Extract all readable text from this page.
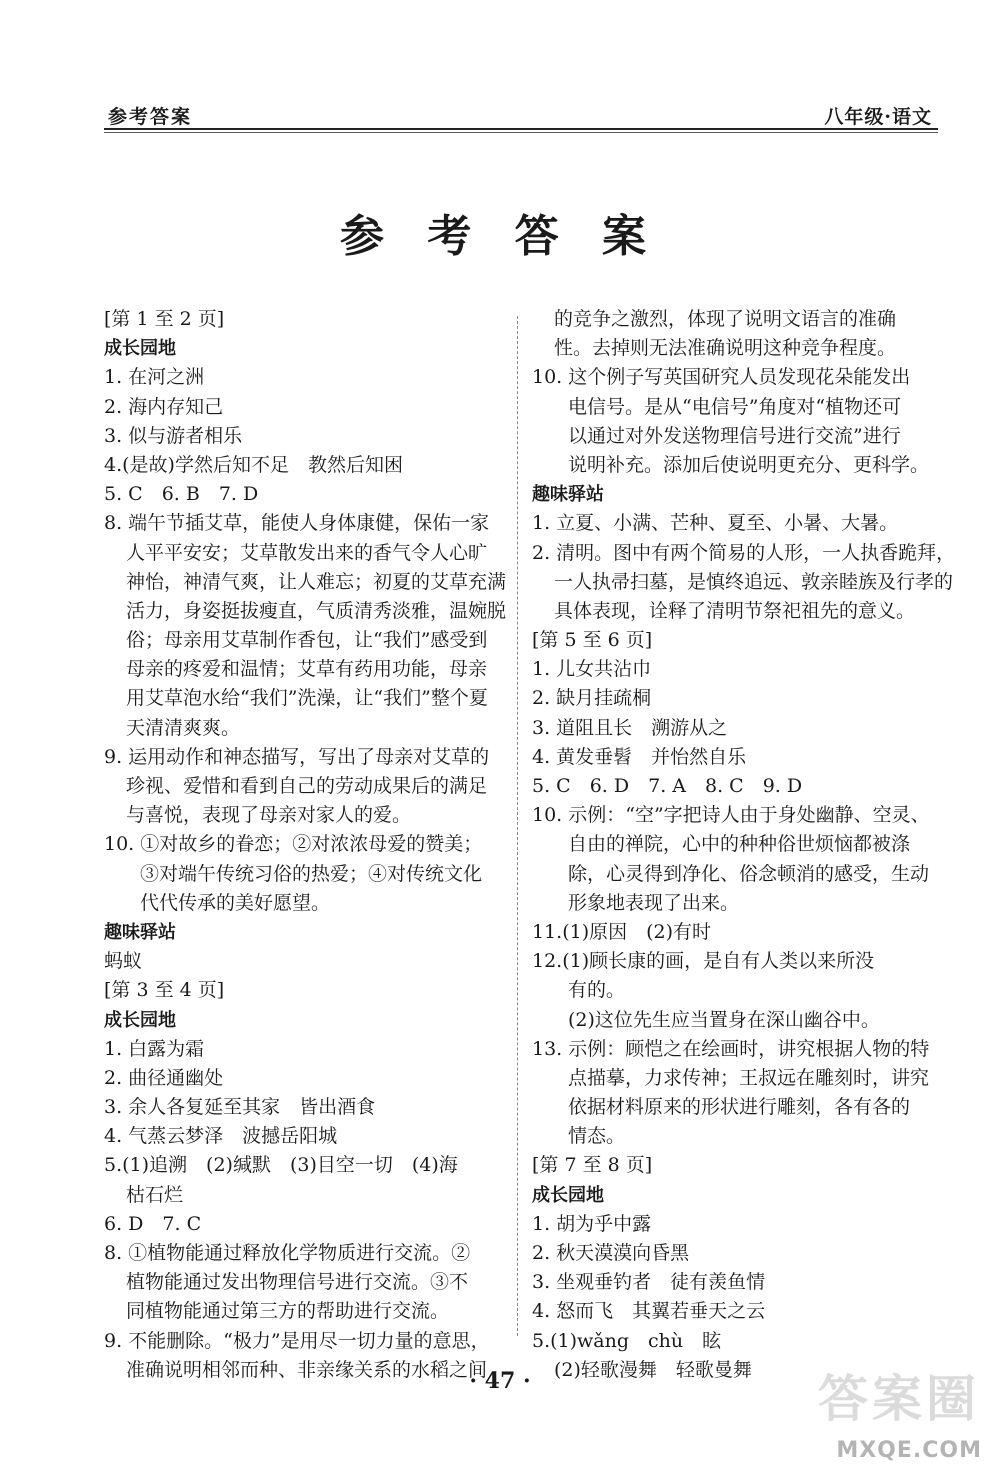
参考答案	八年级·语文
参 考 答 案
[第 1 至 2 页]
成长园地
1. 在河之洲
2. 海内存知己
3. 似与游者相乐
4.(是故)学然后知不足　教然后知困
5. C　6. B　7. D
8. 端午节插艾草，能使人身体康健，保佑一家
人平平安安；艾草散发出来的香气令人心旷
神怡，神清气爽，让人难忘；初夏的艾草充满
活力，身姿挺拔瘦直，气质清秀淡雅，温婉脱
俗；母亲用艾草制作香包，让“我们”感受到
母亲的疼爱和温情；艾草有药用功能，母亲
用艾草泡水给“我们”洗澡，让“我们”整个夏
天清清爽爽。
9. 运用动作和神态描写，写出了母亲对艾草的
珍视、爱惜和看到自己的劳动成果后的满足
与喜悦，表现了母亲对家人的爱。
10. ①对故乡的眷恋；②对浓浓母爱的赞美；
③对端午传统习俗的热爱；④对传统文化
代代传承的美好愿望。
趣味驿站
蚂蚁
[第 3 至 4 页]
成长园地
1. 白露为霜
2. 曲径通幽处
3. 余人各复延至其家　皆出酒食
4. 气蒸云梦泽　波撼岳阳城
5.(1)追溯　(2)缄默　(3)目空一切　(4)海
枯石烂
6. D　7. C
8. ①植物能通过释放化学物质进行交流。②
植物能通过发出物理信号进行交流。③不
同植物能通过第三方的帮助进行交流。
9. 不能删除。“极力”是用尽一切力量的意思，
准确说明相邻而种、非亲缘关系的水稻之间
的竞争之激烈，体现了说明文语言的准确
性。去掉则无法准确说明这种竞争程度。
10. 这个例子写英国研究人员发现花朵能发出
电信号。是从“电信号”角度对“植物还可
以通过对外发送物理信号进行交流”进行
说明补充。添加后使说明更充分、更科学。
趣味驿站
1. 立夏、小满、芒种、夏至、小暑、大暑。
2. 清明。图中有两个简易的人形，一人执香跪拜，
一人执帚扫墓，是慎终追远、敦亲睦族及行孝的
具体表现，诠释了清明节祭祀祖先的意义。
[第 5 至 6 页]
1. 儿女共沾巾
2. 缺月挂疏桐
3. 道阻且长　溯游从之
4. 黄发垂髫　并怡然自乐
5. C　6. D　7. A　8. C　9. D
10. 示例：“空”字把诗人由于身处幽静、空灵、
自由的禅院，心中的种种俗世烦恼都被涤
除，心灵得到净化、俗念顿消的感受，生动
形象地表现了出来。
11.(1)原因　(2)有时
12.(1)顾长康的画，是自有人类以来所没
有的。
(2)这位先生应当置身在深山幽谷中。
13. 示例：顾恺之在绘画时，讲究根据人物的特
点描摹，力求传神；王叔远在雕刻时，讲究
依据材料原来的形状进行雕刻，各有各的
情态。
[第 7 至 8 页]
成长园地
1. 胡为乎中露
2. 秋天漠漠向昏黑
3. 坐观垂钓者　徒有羡鱼情
4. 怒而飞　其翼若垂天之云
5.(1)wǎng　chù　眩
(2)轻歌漫舞　轻歌曼舞
· 47 ·	答案圈
MXQE.COM
